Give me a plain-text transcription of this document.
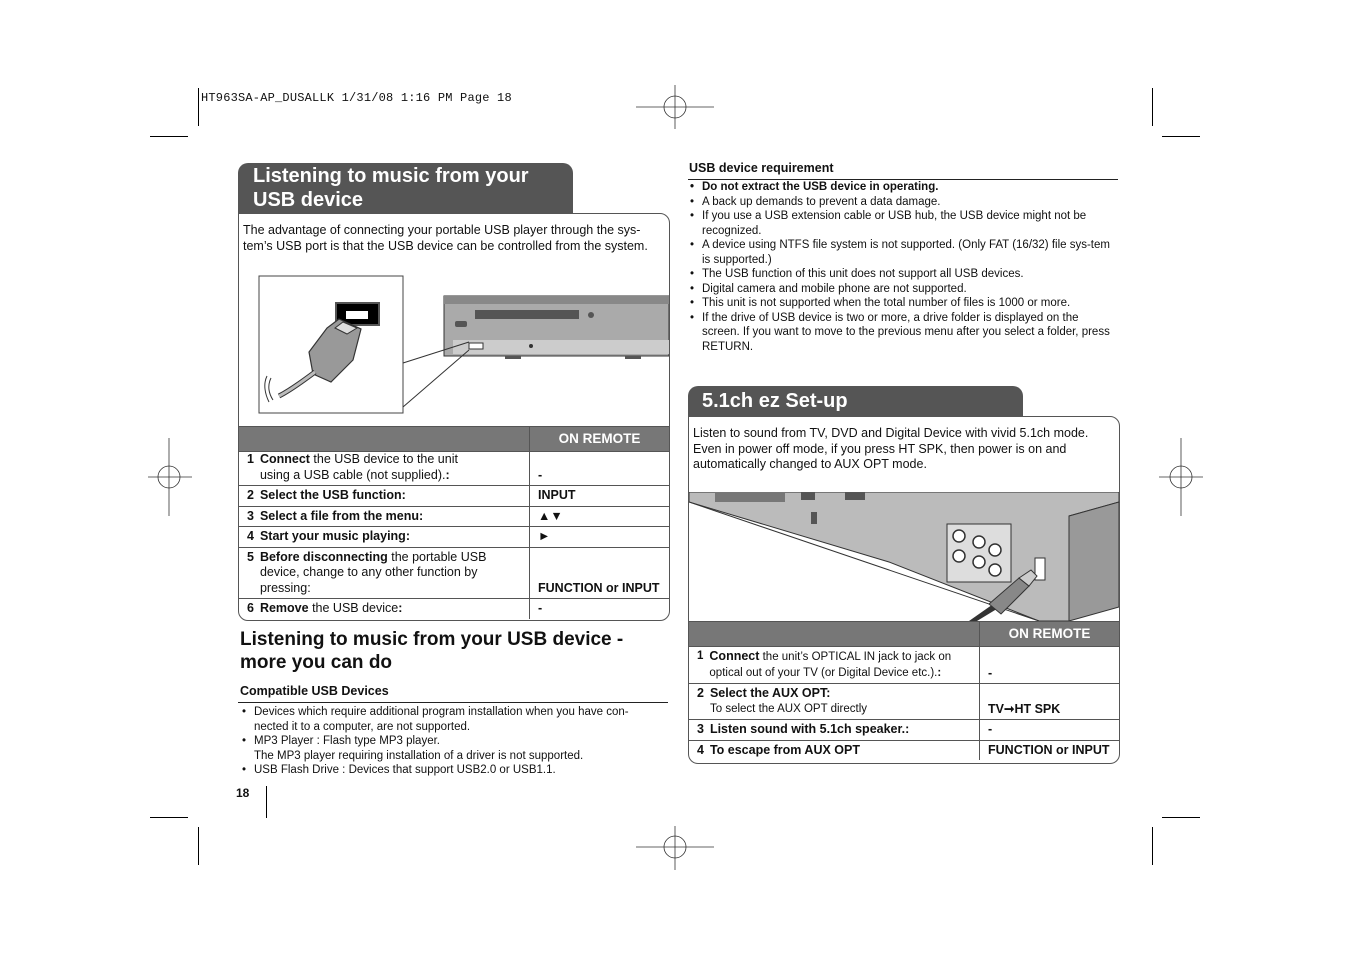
HT963SA-AP_DUSALLK 1/31/08 1:16 PM Page 18
Listening to music from your
USB device
The advantage of connecting your portable USB player through the sys-tem’s USB port is that the USB device can be controlled from the system.
	ON REMOTE

1 Connect the USB device to the unit using a USB cable (not supplied).:	-
2 Select the USB function:	INPUT
3 Select a file from the menu:	▲▼
4 Start your music playing:	►

5 Before disconnecting the portable USB device, change to any other function by pressing:	FUNCTION or INPUT
6 Remove the USB device:	-
Listening to music from your USB device - more you can do
Compatible USB Devices
• Devices which require additional program installation when you have con-nected it to a computer, are not supported.
• MP3 Player : Flash type MP3 player.
The MP3 player requiring installation of a driver is not supported.
• USB Flash Drive : Devices that support USB2.0 or USB1.1.
18
USB device requirement
• Do not extract the USB device in operating.
• A back up demands to prevent a data damage.
• If you use a USB extension cable or USB hub, the USB device might not be recognized.
• A device using NTFS file system is not supported. (Only FAT (16/32) file sys-tem is supported.)
• The USB function of this unit does not support all USB devices.
• Digital camera and mobile phone are not supported.
• This unit is not supported when the total number of files is 1000 or more.
• If the drive of USB device is two or more, a drive folder is displayed on the screen. If you want to move to the previous menu after you select a folder, press RETURN.
5.1ch ez Set-up
Listen to sound from TV, DVD and Digital Device with vivid 5.1ch mode. Even in power off mode, if you press HT SPK, then power is on and automatically changed to AUX OPT mode.
	ON REMOTE

1 Connect the unit’s OPTICAL IN jack to jack on optical out of your TV (or Digital Device etc.).:	-

2 Select the AUX OPT:
To select the AUX OPT directly	TV➞HT SPK
3 Listen sound with 5.1ch speaker.:	-
4 To escape from AUX OPT	FUNCTION or INPUT
